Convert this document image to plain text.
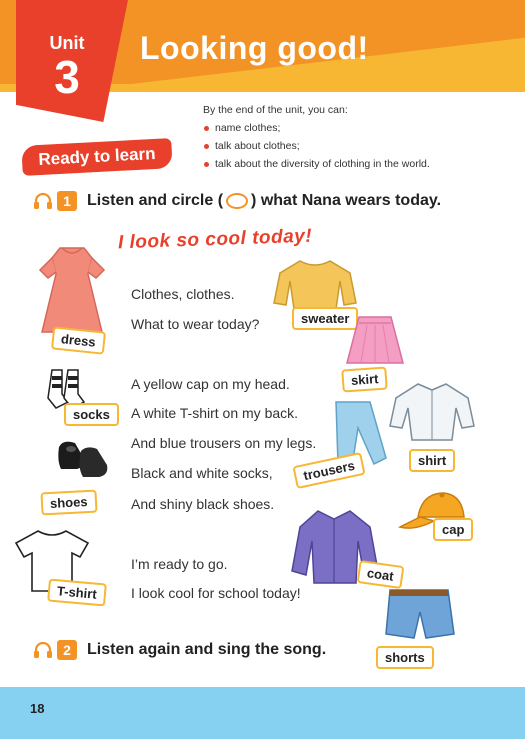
Unit
3
Looking good!
By the end of the unit, you can:
name clothes;
talk about clothes;
talk about the diversity of clothing in the world.
Ready to learn
1	Listen and circle ( ) what Nana wears today.
I look so cool today!
Clothes, clothes.
What to wear today?
A yellow cap on my head.
A white T-shirt on my back.
And blue trousers on my legs.
Black and white socks,
And shiny black shoes.
I’m ready to go.
I look cool for school today!
dress
socks
shoes
T-shirt
sweater
skirt
shirt
trousers
cap
coat
shorts
2	Listen again and sing the song.
18
